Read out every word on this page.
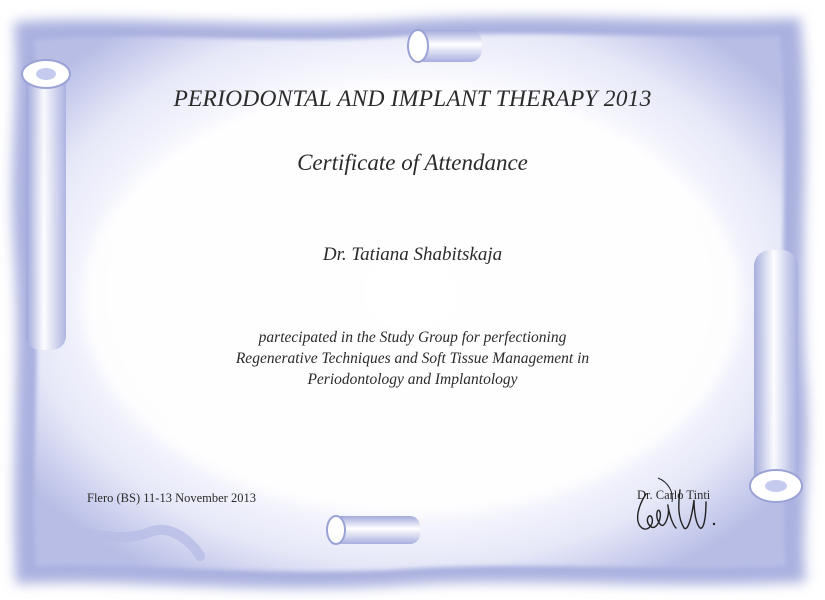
PERIODONTAL AND IMPLANT THERAPY 2013
Certificate of Attendance
Dr. Tatiana Shabitskaja
partecipated in the Study Group for perfectioning
Regenerative Techniques and Soft Tissue Management in
Periodontology and Implantology
Flero (BS) 11-13 November 2013	Dr. Carlo Tinti
